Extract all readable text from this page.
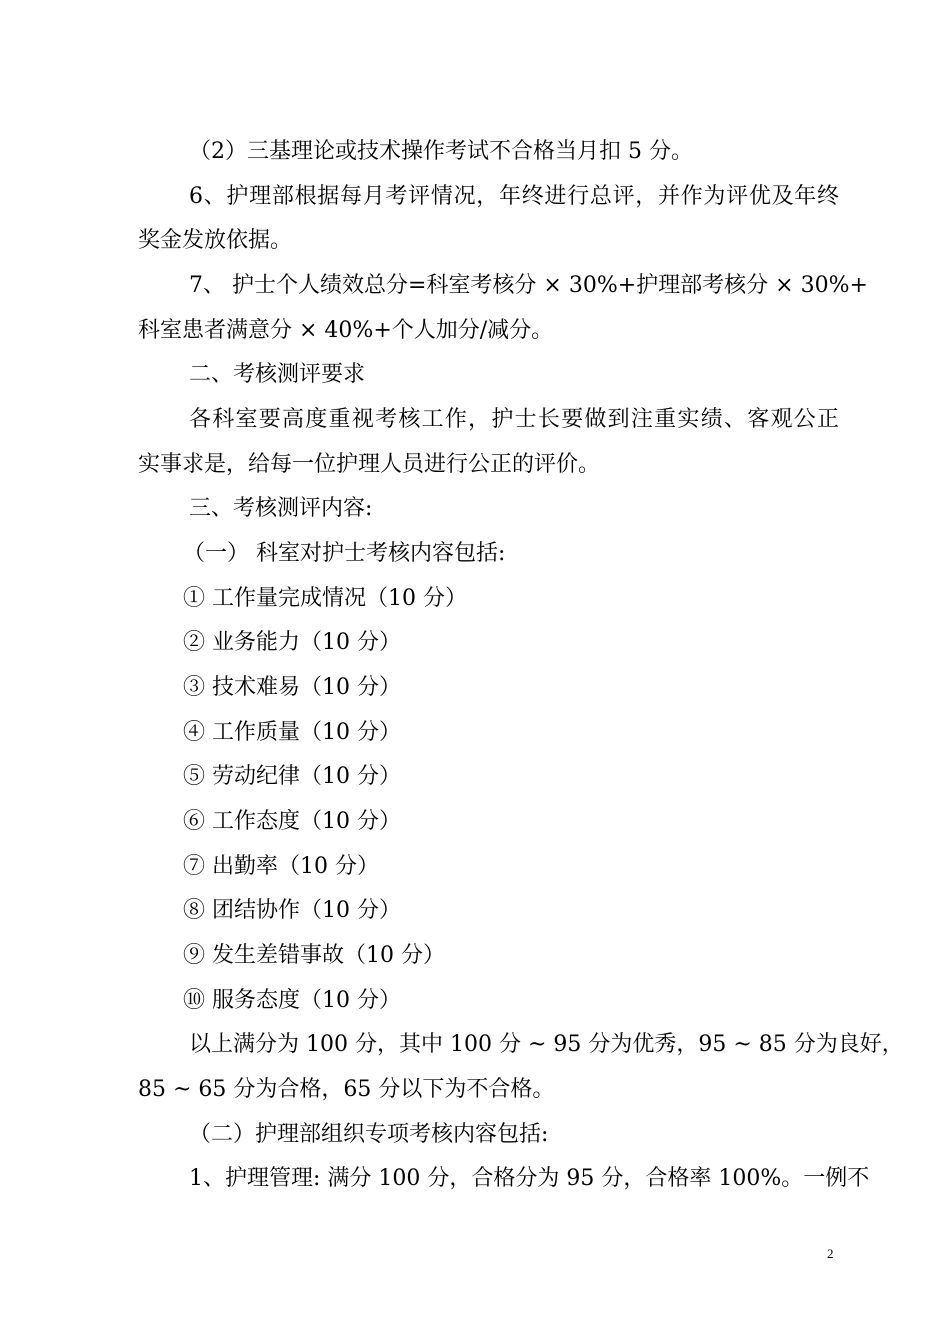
（2）三基理论或技术操作考试不合格当月扣 5 分。
6、护理部根据每月考评情况，年终进行总评，并作为评优及年终
奖金发放依据。
7、 护士个人绩效总分=科室考核分 × 30%+护理部考核分 × 30%+
科室患者满意分 × 40%+个人加分/减分。
二、考核测评要求
各科室要高度重视考核工作，护士长要做到注重实绩、客观公正
实事求是，给每一位护理人员进行公正的评价。
三、考核测评内容:
（一） 科室对护士考核内容包括:
① 工作量完成情况（10 分）
② 业务能力（10 分）
③ 技术难易（10 分）
④ 工作质量（10 分）
⑤ 劳动纪律（10 分）
⑥ 工作态度（10 分）
⑦ 出勤率（10 分）
⑧ 团结协作（10 分）
⑨ 发生差错事故（10 分）
⑩ 服务态度（10 分）
以上满分为 100 分，其中 100 分 ~ 95 分为优秀，95 ~ 85 分为良好，
85 ~ 65 分为合格，65 分以下为不合格。
（二）护理部组织专项考核内容包括:
1、护理管理: 满分 100 分，合格分为 95 分，合格率 100%。一例不
2
